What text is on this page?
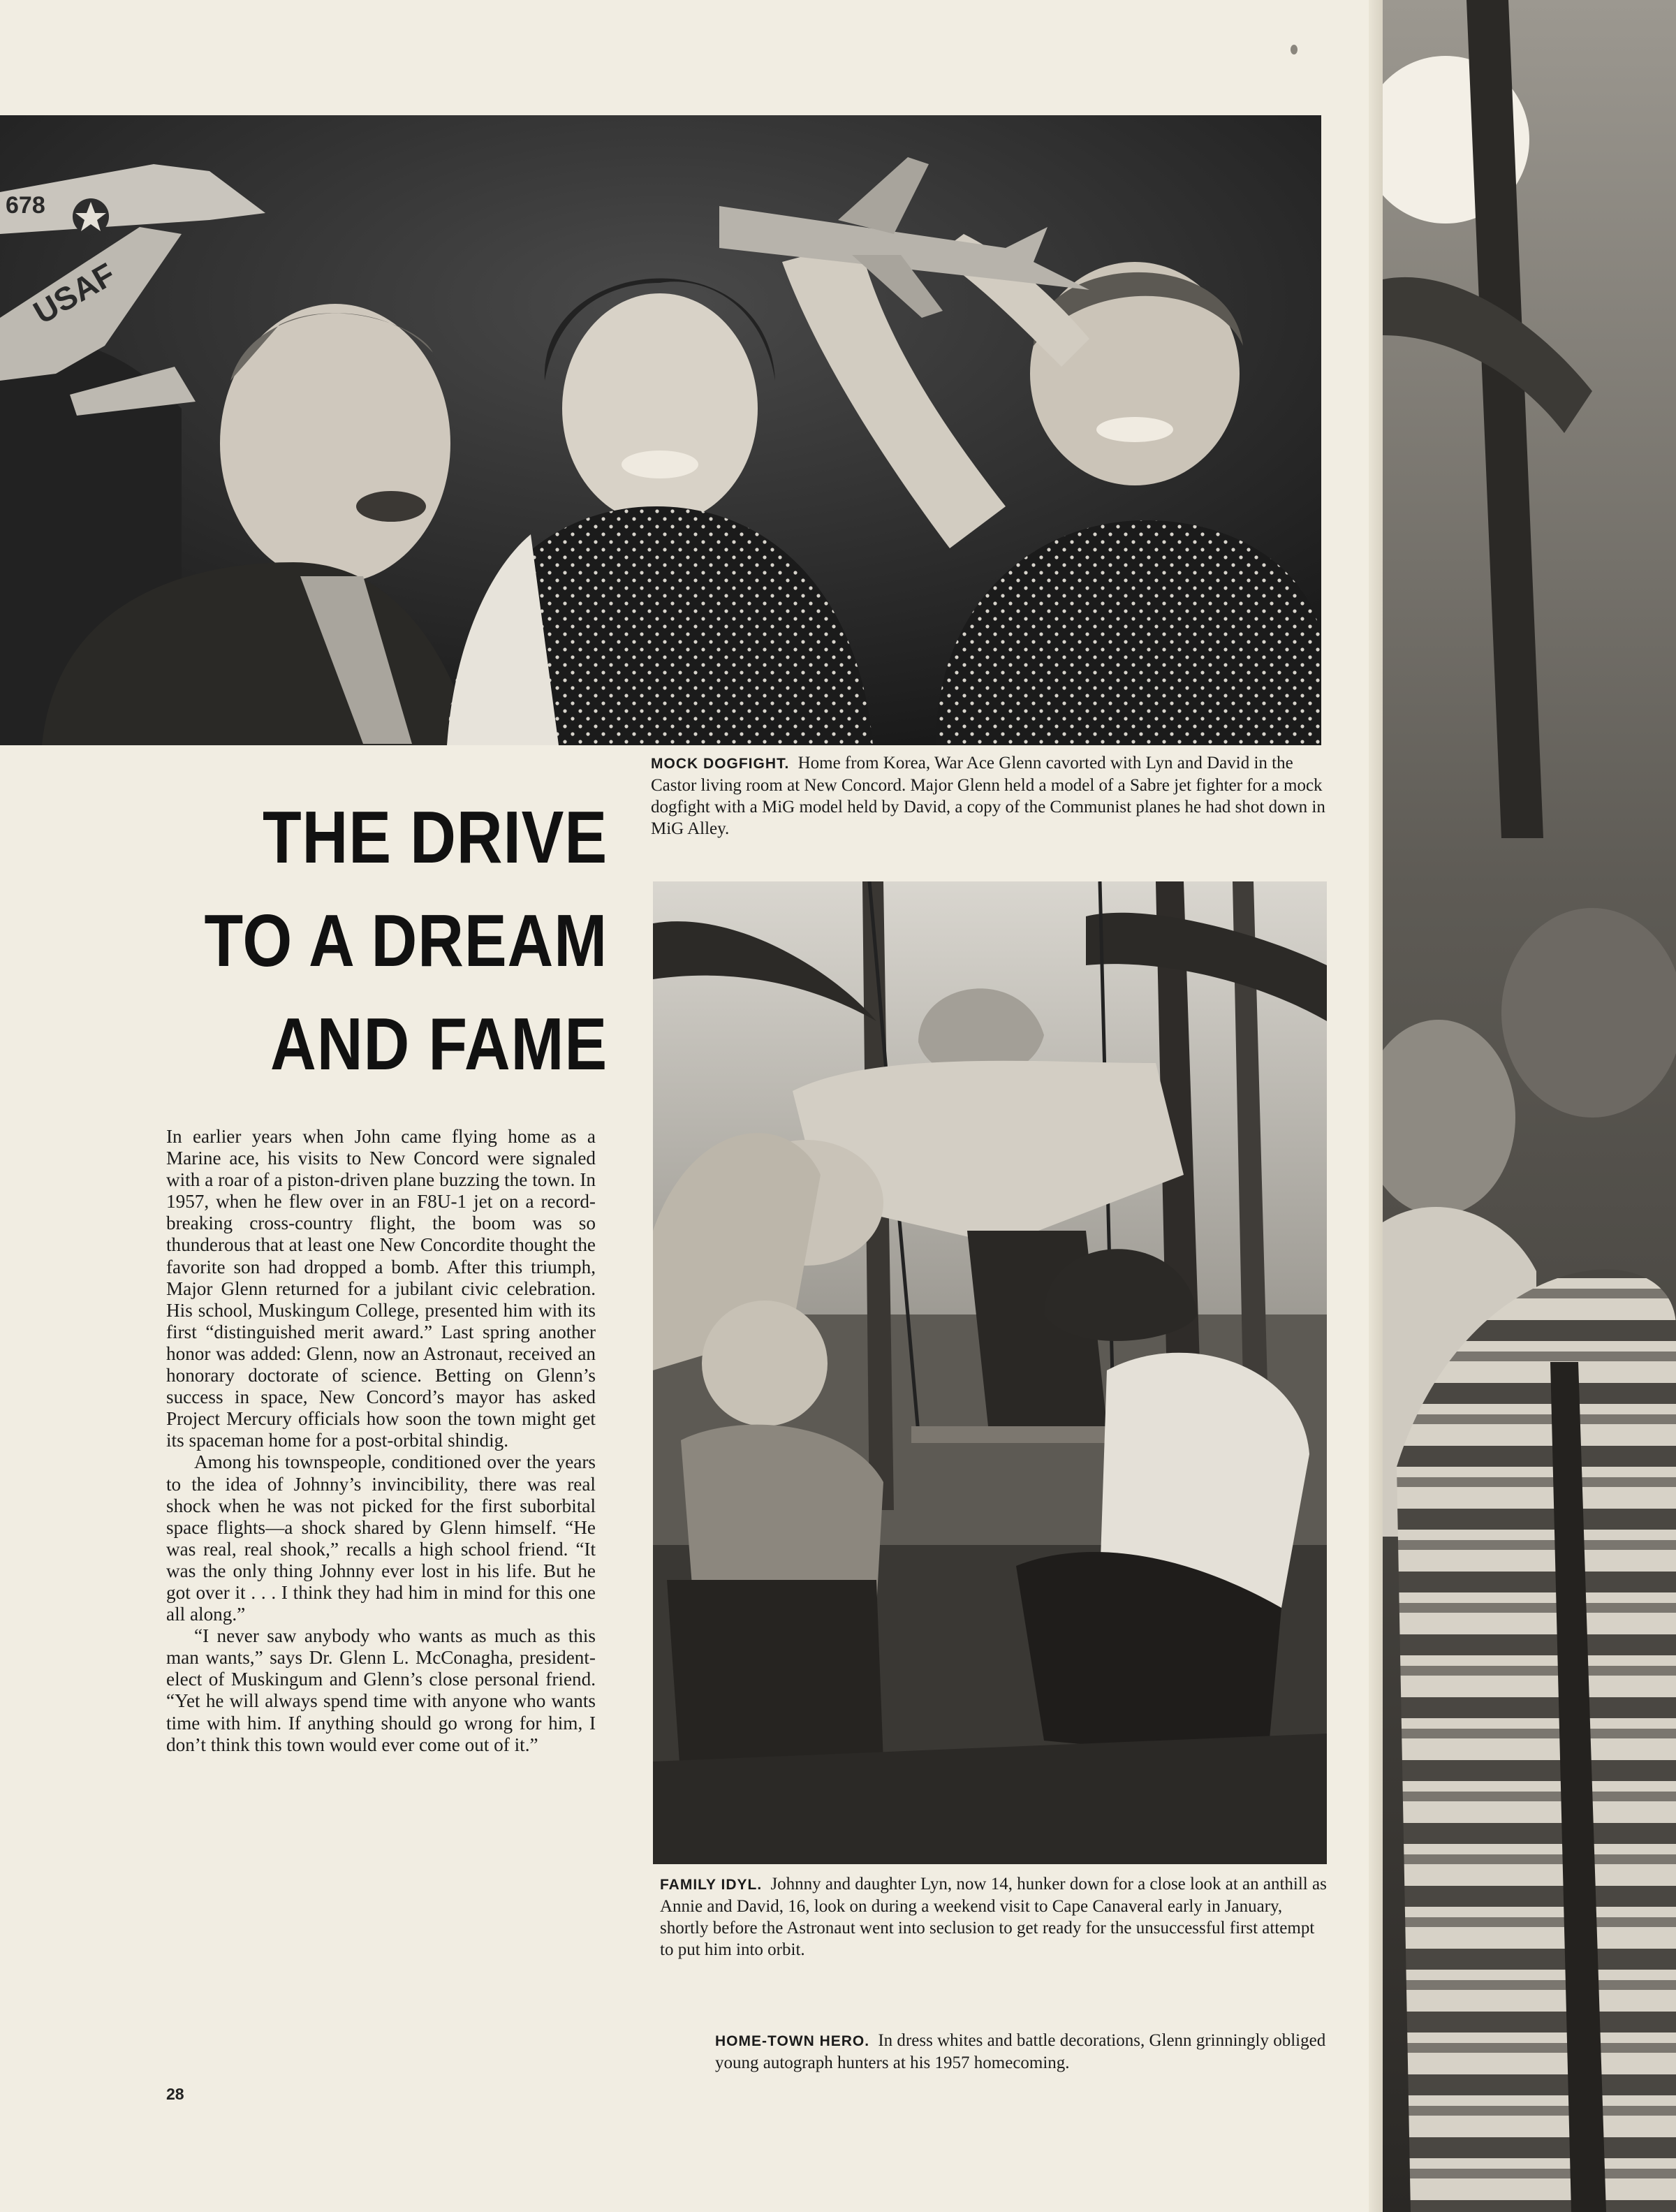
678
USAF
THE DRIVE
TO A DREAM
AND FAME
MOCK DOGFIGHT. Home from Korea, War Ace Glenn cavorted with Lyn and David in the Castor living room at New Concord. Major Glenn held a model of a Sabre jet fighter for a mock dogfight with a MiG model held by David, a copy of the Communist planes he had shot down in MiG Alley.
FAMILY IDYL. Johnny and daughter Lyn, now 14, hunker down for a close look at an anthill as Annie and David, 16, look on during a weekend visit to Cape Canaveral early in January, shortly before the Astronaut went into seclusion to get ready for the unsuccessful first attempt to put him into orbit.

In earlier years when John came flying home as a Marine ace, his visits to New Concord were signaled with a roar of a piston-driven plane buzzing the town. In 1957, when he flew over in an F8U-1 jet on a record-breaking cross-country flight, the boom was so thunderous that at least one New Concordite thought the favorite son had dropped a bomb. After this triumph, Major Glenn returned for a jubilant civic celebration. His school, Muskingum College, presented him with its first “distinguished merit award.” Last spring another honor was added: Glenn, now an Astronaut, received an honorary doctorate of science. Betting on Glenn’s success in space, New Concord’s mayor has asked Project Mercury officials how soon the town might get its spaceman home for a post-orbital shindig.

Among his townspeople, conditioned over the years to the idea of Johnny’s invincibility, there was real shock when he was not picked for the first suborbital space flights—a shock shared by Glenn himself. “He was real, real shook,” recalls a high school friend. “It was the only thing Johnny ever lost in his life. But he got over it . . . I think they had him in mind for this one all along.”

“I never saw anybody who wants as much as this man wants,” says Dr. Glenn L. McConagha, president-elect of Muskingum and Glenn’s close personal friend. “Yet he will always spend time with anyone who wants time with him. If anything should go wrong for him, I don’t think this town would ever come out of it.”

HOME-TOWN HERO. In dress whites and battle decorations, Glenn grinningly obliged young autograph hunters at his 1957 homecoming.
28
